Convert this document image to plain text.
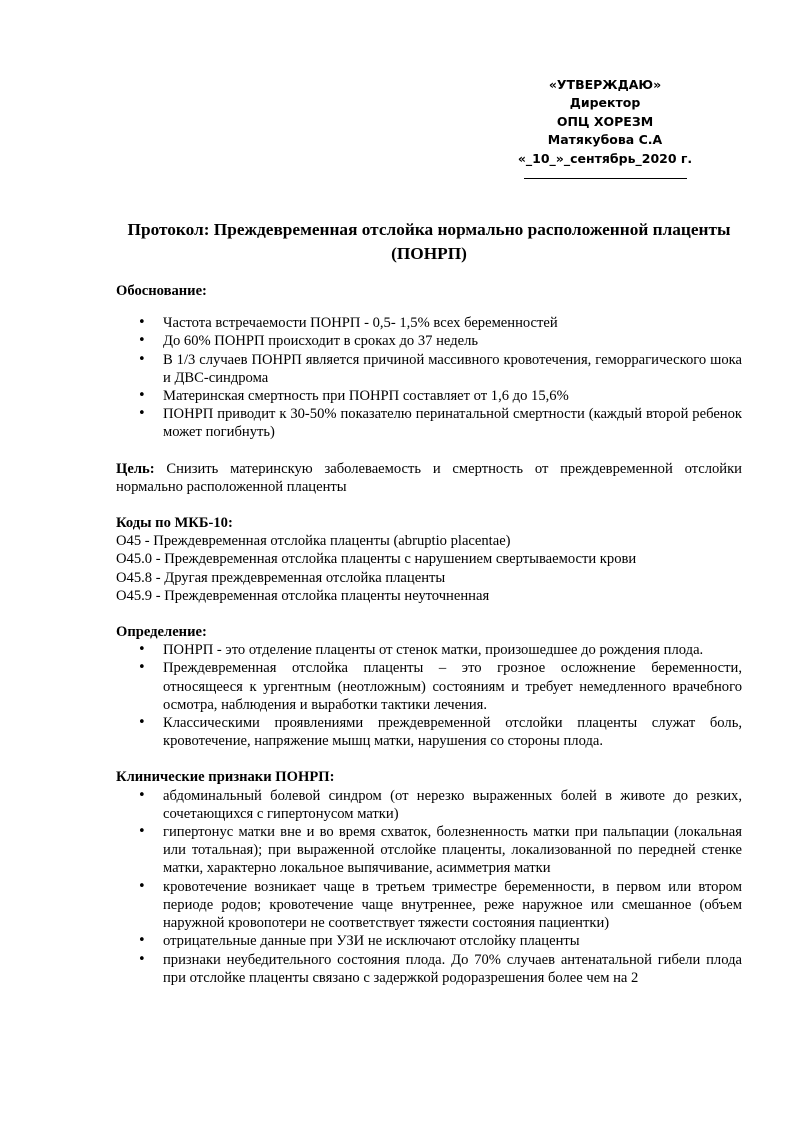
«УТВЕРЖДАЮ»
Директор
ОПЦ ХОРЕЗМ
Матякубова С.А
«_10_»_сентябрь_2020 г.
Протокол: Преждевременная отслойка нормально расположенной плаценты (ПОНРП)
Обоснование:
• Частота встречаемости ПОНРП - 0,5- 1,5% всех беременностей
• До 60% ПОНРП происходит в сроках до 37 недель
• В 1/3 случаев ПОНРП является причиной массивного кровотечения, геморрагического шока и ДВС-синдрома
• Материнская смертность при ПОНРП составляет от 1,6 до 15,6%
• ПОНРП приводит к 30-50% показателю перинатальной смертности (каждый второй ребенок может погибнуть)

Цель: Снизить материнскую заболеваемость и смертность от преждевременной отслойки нормально расположенной плаценты

Коды по МКБ-10:
О45 - Преждевременная отслойка плаценты (abruptio placentae)
О45.0 - Преждевременная отслойка плаценты с нарушением свертываемости крови
О45.8 - Другая преждевременная отслойка плаценты
О45.9 - Преждевременная отслойка плаценты неуточненная
Определение:
• ПОНРП - это отделение плаценты от стенок матки, произошедшее до рождения плода.
• Преждевременная отслойка плаценты – это грозное осложнение беременности, относящееся к ургентным (неотложным) состояниям и требует немедленного врачебного осмотра, наблюдения и выработки тактики лечения.
• Классическими проявлениями преждевременной отслойки плаценты служат боль, кровотечение, напряжение мышц матки, нарушения со стороны плода.
Клинические признаки ПОНРП:
• абдоминальный болевой синдром (от нерезко выраженных болей в животе до резких, сочетающихся с гипертонусом матки)
• гипертонус матки вне и во время схваток, болезненность матки при пальпации (локальная или тотальная); при выраженной отслойке плаценты, локализованной по передней стенке матки, характерно локальное выпячивание, асимметрия матки
• кровотечение возникает чаще в третьем триместре беременности, в первом или втором периоде родов; кровотечение чаще внутреннее, реже наружное или смешанное (объем наружной кровопотери не соответствует тяжести состояния пациентки)
• отрицательные данные при УЗИ не исключают отслойку плаценты
• признаки неубедительного состояния плода. До 70% случаев антенатальной гибели плода при отслойке плаценты связано с задержкой родоразрешения более чем на 2
